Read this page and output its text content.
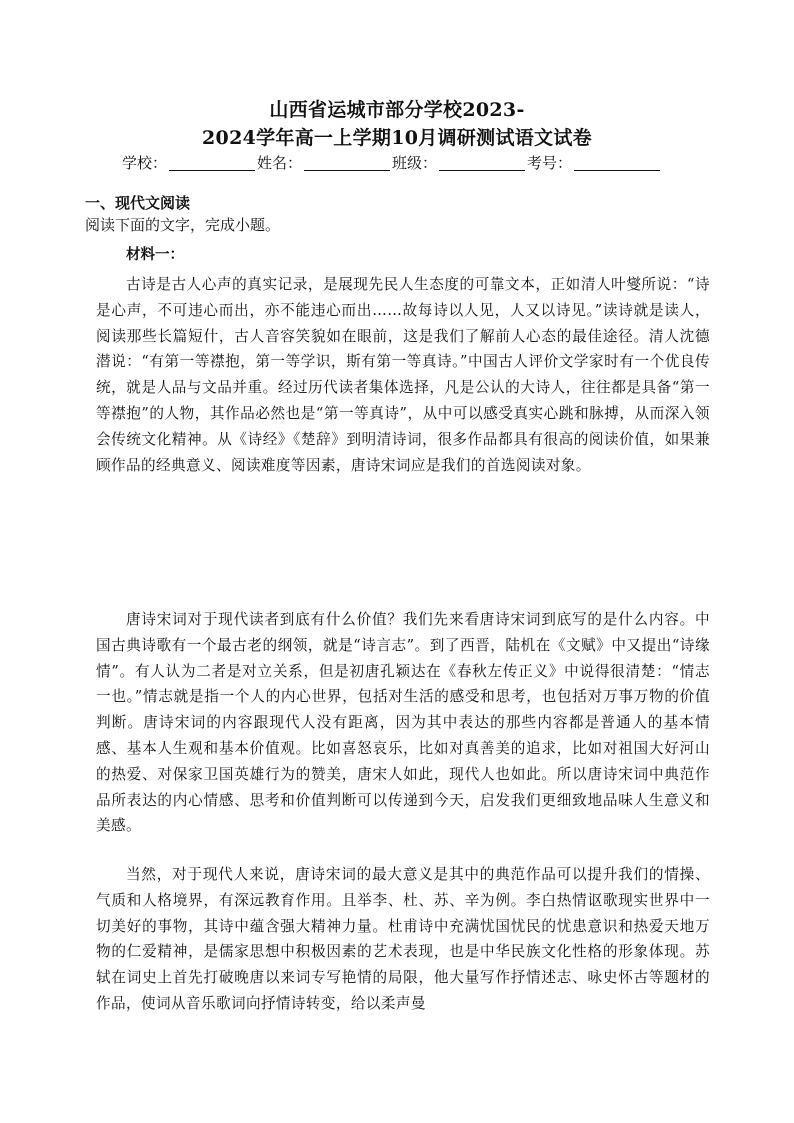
山西省运城市部分学校2023-
2024学年高一上学期10月调研测试语文试卷
学校：	姓名：	班级：	考号：
一、现代文阅读
阅读下面的文字，完成小题。
材料一：

古诗是古人心声的真实记录，是展现先民人生态度的可靠文本，正如清人叶燮所说：“诗是心声，不可违心而出，亦不能违心而出……故每诗以人见，人又以诗见。”读诗就是读人，阅读那些长篇短什，古人音容笑貌如在眼前，这是我们了解前人心态的最佳途径。清人沈德潜说：“有第一等襟抱，第一等学识，斯有第一等真诗。”中国古人评价文学家时有一个优良传统，就是人品与文品并重。经过历代读者集体选择，凡是公认的大诗人，往往都是具备“第一等襟抱”的人物，其作品必然也是“第一等真诗”，从中可以感受真实心跳和脉搏，从而深入领会传统文化精神。从《诗经》《楚辞》到明清诗词，很多作品都具有很高的阅读价值，如果兼顾作品的经典意义、阅读难度等因素，唐诗宋词应是我们的首选阅读对象。

唐诗宋词对于现代读者到底有什么价值？我们先来看唐诗宋词到底写的是什么内容。中国古典诗歌有一个最古老的纲领，就是“诗言志”。到了西晋，陆机在《文赋》中又提出“诗缘情”。有人认为二者是对立关系，但是初唐孔颖达在《春秋左传正义》中说得很清楚：“情志一也。”情志就是指一个人的内心世界，包括对生活的感受和思考，也包括对万事万物的价值判断。唐诗宋词的内容跟现代人没有距离，因为其中表达的那些内容都是普通人的基本情感、基本人生观和基本价值观。比如喜怒哀乐，比如对真善美的追求，比如对祖国大好河山的热爱、对保家卫国英雄行为的赞美，唐宋人如此，现代人也如此。所以唐诗宋词中典范作品所表达的内心情感、思考和价值判断可以传递到今天，启发我们更细致地品味人生意义和美感。

当然，对于现代人来说，唐诗宋词的最大意义是其中的典范作品可以提升我们的情操、气质和人格境界，有深远教育作用。且举李、杜、苏、辛为例。李白热情讴歌现实世界中一切美好的事物，其诗中蕴含强大精神力量。杜甫诗中充满忧国忧民的忧患意识和热爱天地万物的仁爱精神，是儒家思想中积极因素的艺术表现，也是中华民族文化性格的形象体现。苏轼在词史上首先打破晚唐以来词专写艳情的局限，他大量写作抒情述志、咏史怀古等题材的作品，使词从音乐歌词向抒情诗转变，给以柔声曼
